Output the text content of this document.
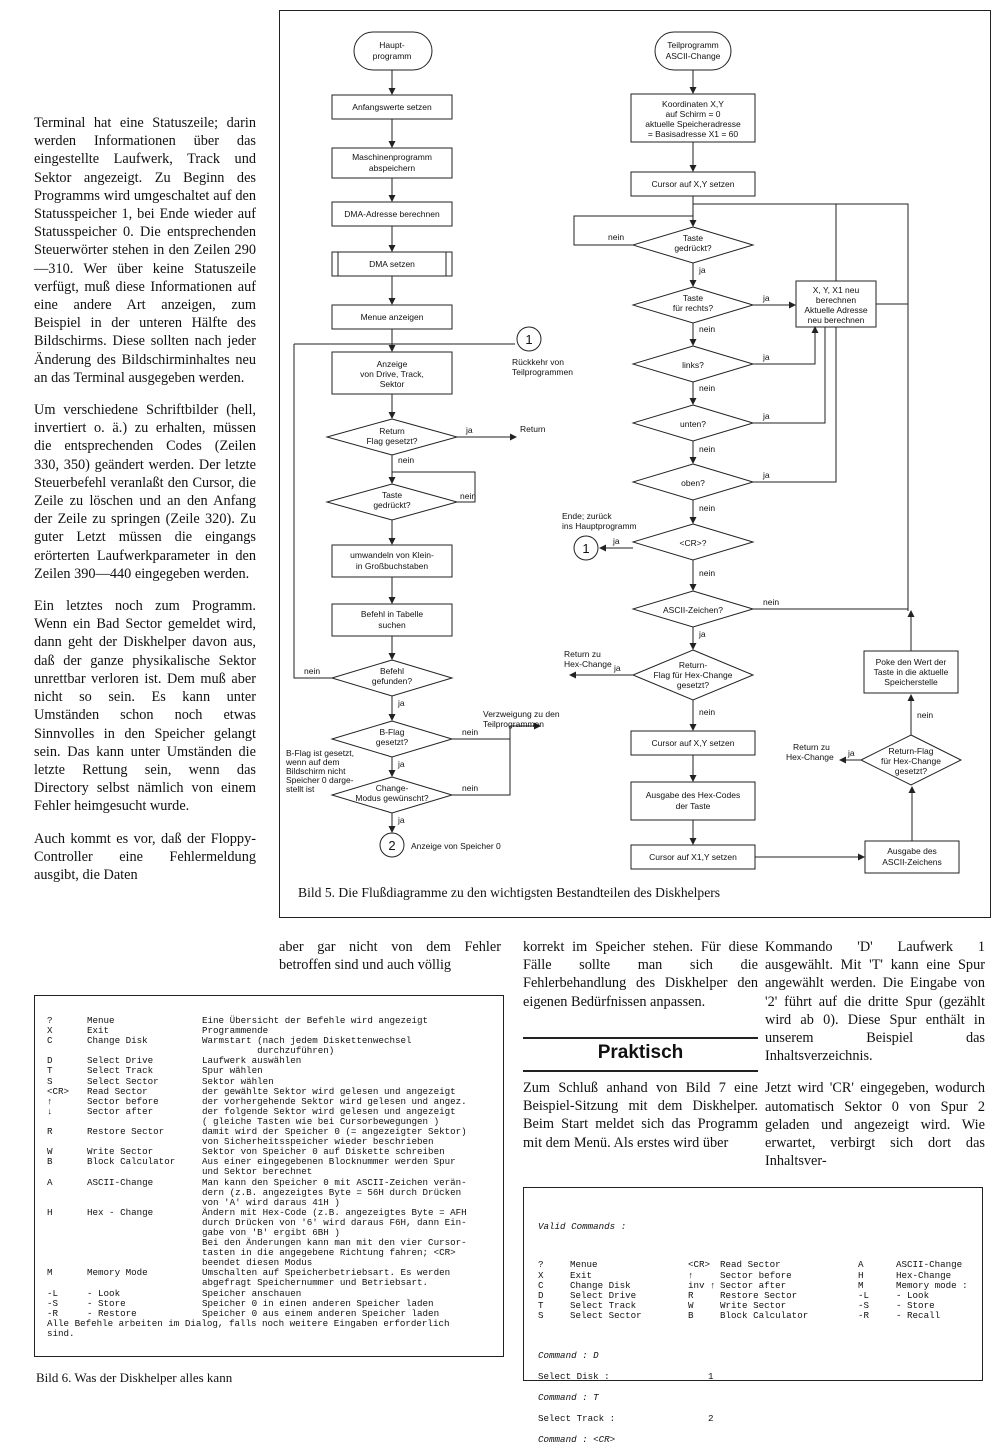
Terminal hat eine Statuszeile; darin werden Informationen über das eingestellte Laufwerk, Track und Sektor angezeigt. Zu Beginn des Programms wird umgeschaltet auf den Statusspeicher 1, bei Ende wieder auf Statusspeicher 0. Die entsprechenden Steuerwörter stehen in den Zeilen 290—310. Wer über keine Statuszeile verfügt, muß diese Informationen auf eine andere Art anzeigen, zum Beispiel in der unteren Hälfte des Bildschirms. Diese sollten nach jeder Änderung des Bildschirminhaltes neu an das Terminal ausgegeben werden.

Um verschiedene Schriftbilder (hell, invertiert o. ä.) zu erhalten, müssen die entsprechenden Codes (Zeilen 330, 350) geändert werden. Der letzte Steuerbefehl veranlaßt den Cursor, die Zeile zu löschen und an den Anfang der Zeile zu springen (Zeile 320). Zu guter Letzt müssen die eingangs erörterten Laufwerkparameter in den Zeilen 390—440 eingegeben werden.

Ein letztes noch zum Programm. Wenn ein Bad Sector gemeldet wird, dann geht der Diskhelper davon aus, daß der ganze physikalische Sektor unrettbar verloren ist. Dem muß aber nicht so sein. Es kann unter Umständen schon noch etwas Sinnvolles in den Speicher gelangt sein. Das kann unter Umständen die letzte Rettung sein, wenn das Directory selbst nämlich von einem Fehler heimgesucht wurde.

Auch kommt es vor, daß der Floppy-Controller eine Fehlermeldung ausgibt, die Daten

Haupt-
programm
Anfangswerte setzen
Maschinenprogramm
abspeichern
DMA-Adresse berechnen
DMA setzen
Menue anzeigen
1
Rückkehr von
Teilprogrammen
Anzeige
von Drive, Track,
Sektor
Return
Flag gesetzt?
ja	Return
nein
Taste
gedrückt?
nein
umwandeln von Klein-
in Großbuchstaben
Befehl in Tabelle
suchen
Befehl
gefunden?
nein
ja
B-Flag
gesetzt?
nein
Verzweigung zu den
Teilprogrammen
ja
B-Flag ist gesetzt,
wenn auf dem
Bildschirm nicht
Speicher 0 darge-
stellt ist	Change-
Modus gewünscht?
nein
ja
2 Anzeige von Speicher 0
Teilprogramm
ASCII-Change
Koordinaten X,Y
auf Schirm = 0
aktuelle Speicheradresse
= Basisadresse X1 = 60
Cursor auf X,Y setzen
Taste
gedrückt?
nein
ja
Taste
für rechts?
ja
nein
X, Y, X1 neu
berechnen
Aktuelle Adresse
neu berechnen
links?
ja
nein
unten?
ja
nein
oben?
ja
nein
<CR>?
ja
1
Ende; zurück
ins Hauptprogramm
nein
ASCII-Zeichen?
nein
ja
Poke den Wert der
Taste in die aktuelle
Speicherstelle
Return-
Flag für Hex-Change
gesetzt?
ja
Return zu
Hex-Change
nein
Cursor auf X,Y setzen
Ausgabe des Hex-Codes
der Taste
Cursor auf X1,Y setzen
Return-Flag
für Hex-Change
gesetzt?
ja
Return zu
Hex-Change
nein
Ausgabe des
ASCII-Zeichens
Bild 5. Die Flußdiagramme zu den wichtigsten Bestandteilen des Diskhelpers
aber gar nicht von dem Fehler betroffen sind und auch völlig
korrekt im Speicher stehen. Für diese Fälle sollte man sich die Fehlerbehandlung des Diskhelper den eigenen Bedürfnissen anpassen.
Praktisch
Zum Schluß anhand von Bild 7 eine Beispiel-Sitzung mit dem Diskhelper. Beim Start meldet sich das Programm mit dem Menü. Als erstes wird über

Kommando 'D' Laufwerk 1 ausgewählt. Mit 'T' kann eine Spur angewählt werden. Die Eingabe von '2' führt auf die dritte Spur (gezählt wird ab 0). Diese Spur enthält in unserem Beispiel das Inhaltsverzeichnis.

Jetzt wird 'CR' eingegeben, wodurch automatisch Sektor 0 von Spur 2 geladen und angezeigt wird. Wie erwartet, verbirgt sich dort das Inhaltsver-

?	Menue	Eine Übersicht der Befehle wird angezeigt
X	Exit	Programmende
C	Change Disk	Warmstart (nach jedem Diskettenwechsel
durchzuführen)
D	Select Drive	Laufwerk auswählen
T	Select Track	Spur wählen
S	Select Sector	Sektor wählen
<CR>	Read Sector	der gewählte Sektor wird gelesen und angezeigt
↑	Sector before	der vorhergehende Sektor wird gelesen und angez.
↓	Sector after	der folgende Sektor wird gelesen und angezeigt
( gleiche Tasten wie bei Cursorbewegungen )
R	Restore Sector	damit wird der Speicher 0 (= angezeigter Sektor)
von Sicherheitsspeicher wieder beschrieben
W	Write Sector	Sektor von Speicher 0 auf Diskette schreiben
B	Block Calculator	Aus einer eingegebenen Blocknummer werden Spur
und Sektor berechnet
A	ASCII-Change	Man kann den Speicher 0 mit ASCII-Zeichen verän-
dern (z.B. angezeigtes Byte = 56H durch Drücken
von 'A' wird daraus 41H )
H	Hex - Change	Ändern mit Hex-Code (z.B. angezeigtes Byte = AFH
durch Drücken von '6' wird daraus F6H, dann Ein-
gabe von 'B' ergibt 6BH )
Bei den Änderungen kann man mit den vier Cursor-
tasten in die angegebene Richtung fahren; <CR>
beendet diesen Modus
M	Memory Mode	Umschalten auf Speicherbetriebsart. Es werden
abgefragt Speichernummer und Betriebsart.
-L	- Look	Speicher anschauen
-S	- Store	Speicher 0 in einen anderen Speicher laden
-R	- Restore	Speicher 0 aus einem anderen Speicher laden
Alle Befehle arbeiten im Dialog, falls noch weitere Eingaben erforderlich
sind.
Bild 6. Was der Diskhelper alles kann

Valid Commands :

?	Menue	<CR>	Read Sector	A	ASCII-Change
X	Exit	↑	Sector before	H	Hex-Change
C	Change Disk	inv ↑ Sector after	M	Memory mode :
D	Select Drive	R	Restore Sector	-L	- Look
T	Select Track	W	Write Sector	-S	- Store
S	Select Sector	B	Block Calculator	-R	- Recall

Command : D
Select Disk :	1
Command : T
Select Track :	2
Command : <CR>
